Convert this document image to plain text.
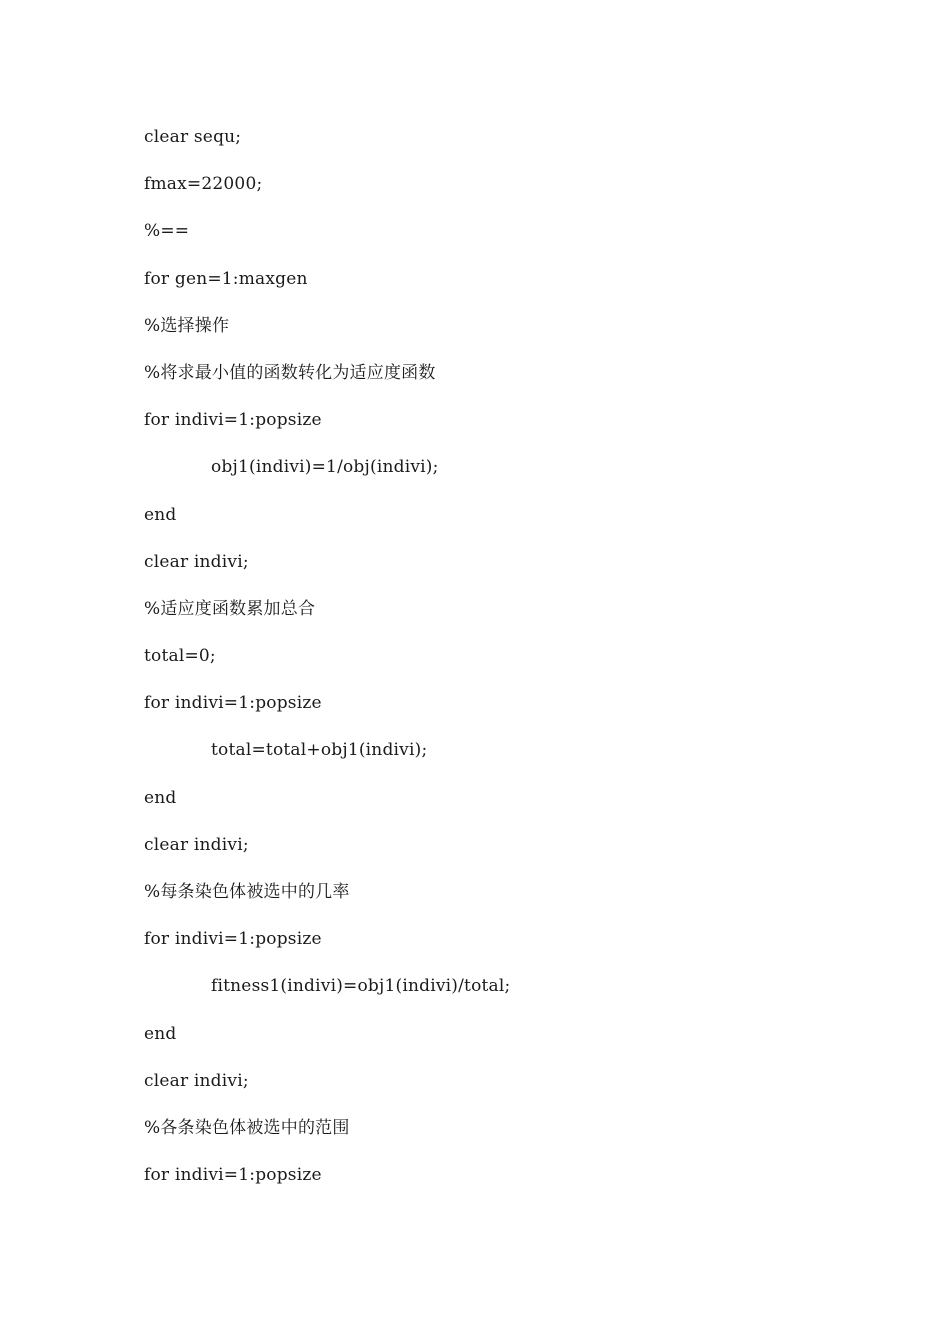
clear sequ;
fmax=22000;
%==
for gen=1:maxgen
%选择操作
%将求最小值的函数转化为适应度函数
for indivi=1:popsize
obj1(indivi)=1/obj(indivi);
end
clear indivi;
%适应度函数累加总合
total=0;
for indivi=1:popsize
total=total+obj1(indivi);
end
clear indivi;
%每条染色体被选中的几率
for indivi=1:popsize
fitness1(indivi)=obj1(indivi)/total;
end
clear indivi;
%各条染色体被选中的范围
for indivi=1:popsize
